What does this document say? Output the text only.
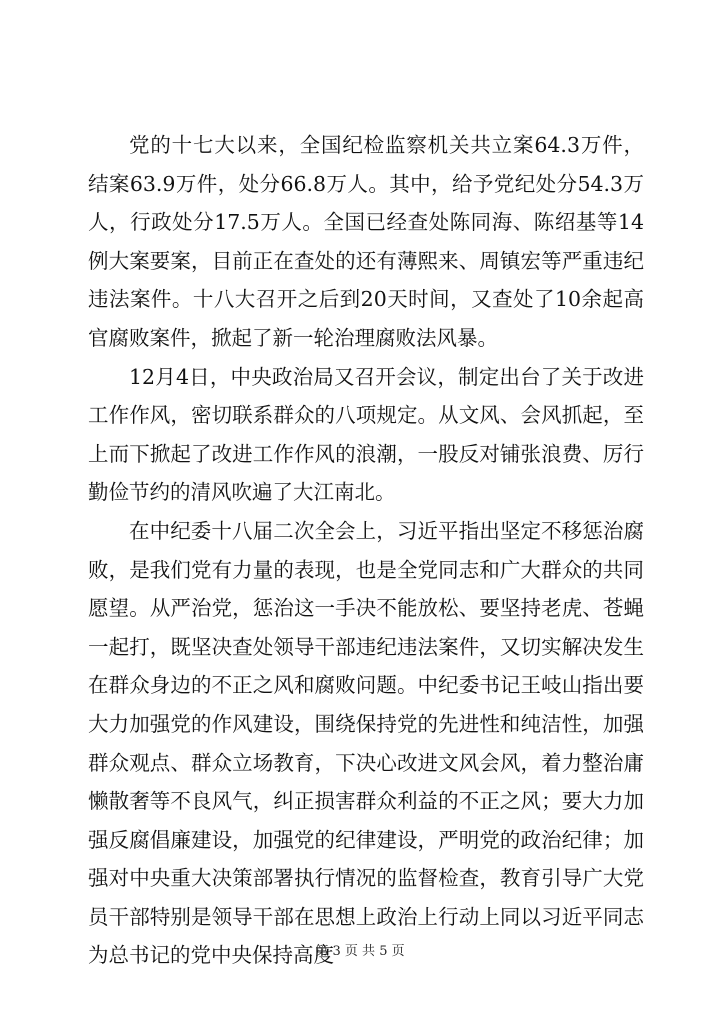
党的十七大以来，全国纪检监察机关共立案64.3万件，结案63.9万件，处分66.8万人。其中，给予党纪处分54.3万人，行政处分17.5万人。全国已经查处陈同海、陈绍基等14例大案要案，目前正在查处的还有薄熙来、周镇宏等严重违纪违法案件。十八大召开之后到20天时间，又查处了10余起高官腐败案件，掀起了新一轮治理腐败法风暴。

12月4日，中央政治局又召开会议，制定出台了关于改进工作作风，密切联系群众的八项规定。从文风、会风抓起，至上而下掀起了改进工作作风的浪潮，一股反对铺张浪费、厉行勤俭节约的清风吹遍了大江南北。

在中纪委十八届二次全会上，习近平指出坚定不移惩治腐败，是我们党有力量的表现，也是全党同志和广大群众的共同愿望。从严治党，惩治这一手决不能放松、要坚持老虎、苍蝇一起打，既坚决查处领导干部违纪违法案件，又切实解决发生在群众身边的不正之风和腐败问题。中纪委书记王岐山指出要大力加强党的作风建设，围绕保持党的先进性和纯洁性，加强群众观点、群众立场教育，下决心改进文风会风，着力整治庸懒散奢等不良风气，纠正损害群众利益的不正之风；要大力加强反腐倡廉建设，加强党的纪律建设，严明党的政治纪律；加强对中央重大决策部署执行情况的监督检查，教育引导广大党员干部特别是领导干部在思想上政治上行动上同以习近平同志为总书记的党中央保持高度

第 3 页 共 5 页
